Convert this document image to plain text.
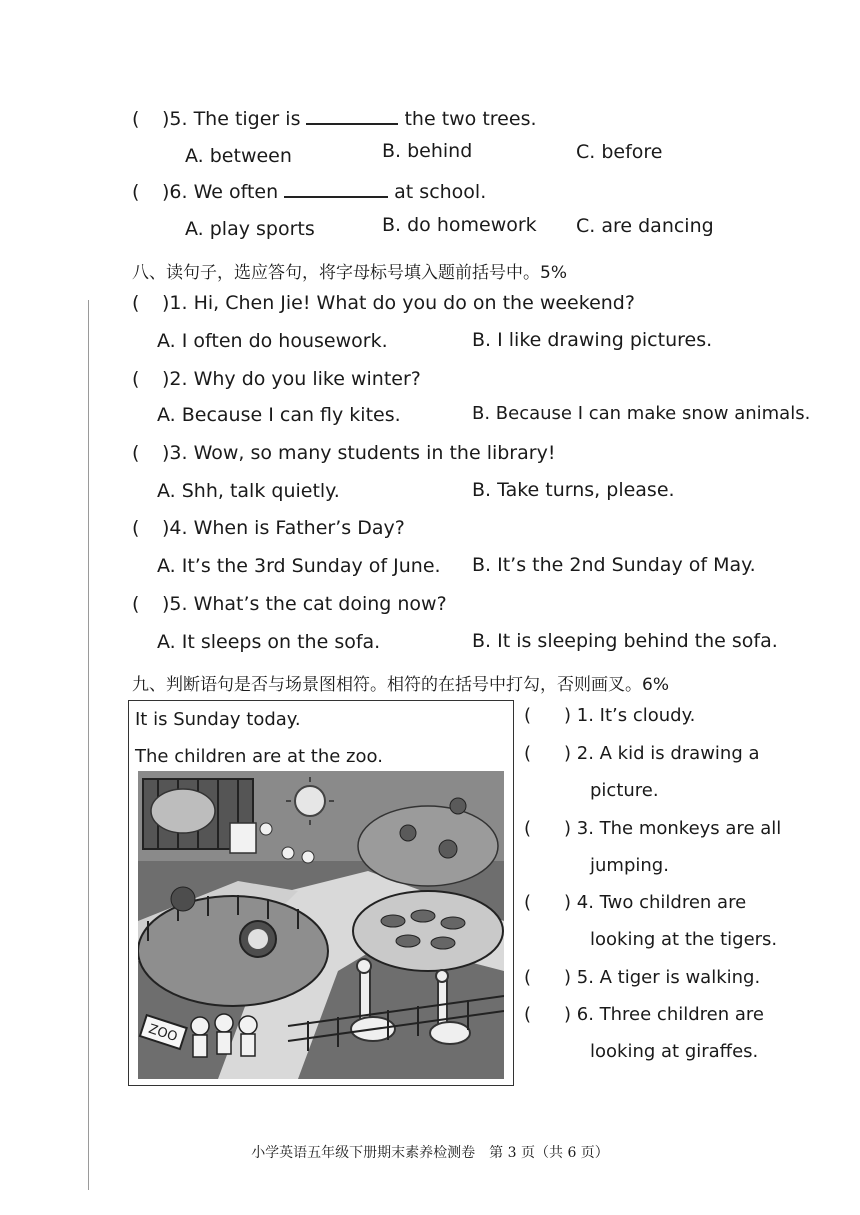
( )5. The tiger is	the two trees.
A. between	B. behind	C. before
( )6. We often	at school.
A. play sports	B. do homework C. are dancing
八、读句子，选应答句，将字母标号填入题前括号中。5%
( )1. Hi, Chen Jie! What do you do on the weekend?
A. I often do housework.	B. I like drawing pictures.
( )2. Why do you like winter?
A. Because I can fly kites.	B. Because I can make snow animals.
( )3. Wow, so many students in the library!
A. Shh, talk quietly.	B. Take turns, please.
( )4. When is Father’s Day?
A. It’s the 3rd Sunday of June. B. It’s the 2nd Sunday of May.
( )5. What’s the cat doing now?
A. It sleeps on the sofa.	B. It is sleeping behind the sofa.
九、判断语句是否与场景图相符。相符的在括号中打勾，否则画叉。6%
It is Sunday today.
The children are at the zoo.
ZOO
( ) 1. It’s cloudy.
( ) 2. A kid is drawing a
picture.
( ) 3. The monkeys are all
jumping.
( ) 4. Two children are
looking at the tigers.
( ) 5. A tiger is walking.
( ) 6. Three children are
looking at giraffes.
小学英语五年级下册期末素养检测卷　第 3 页（共 6 页）
